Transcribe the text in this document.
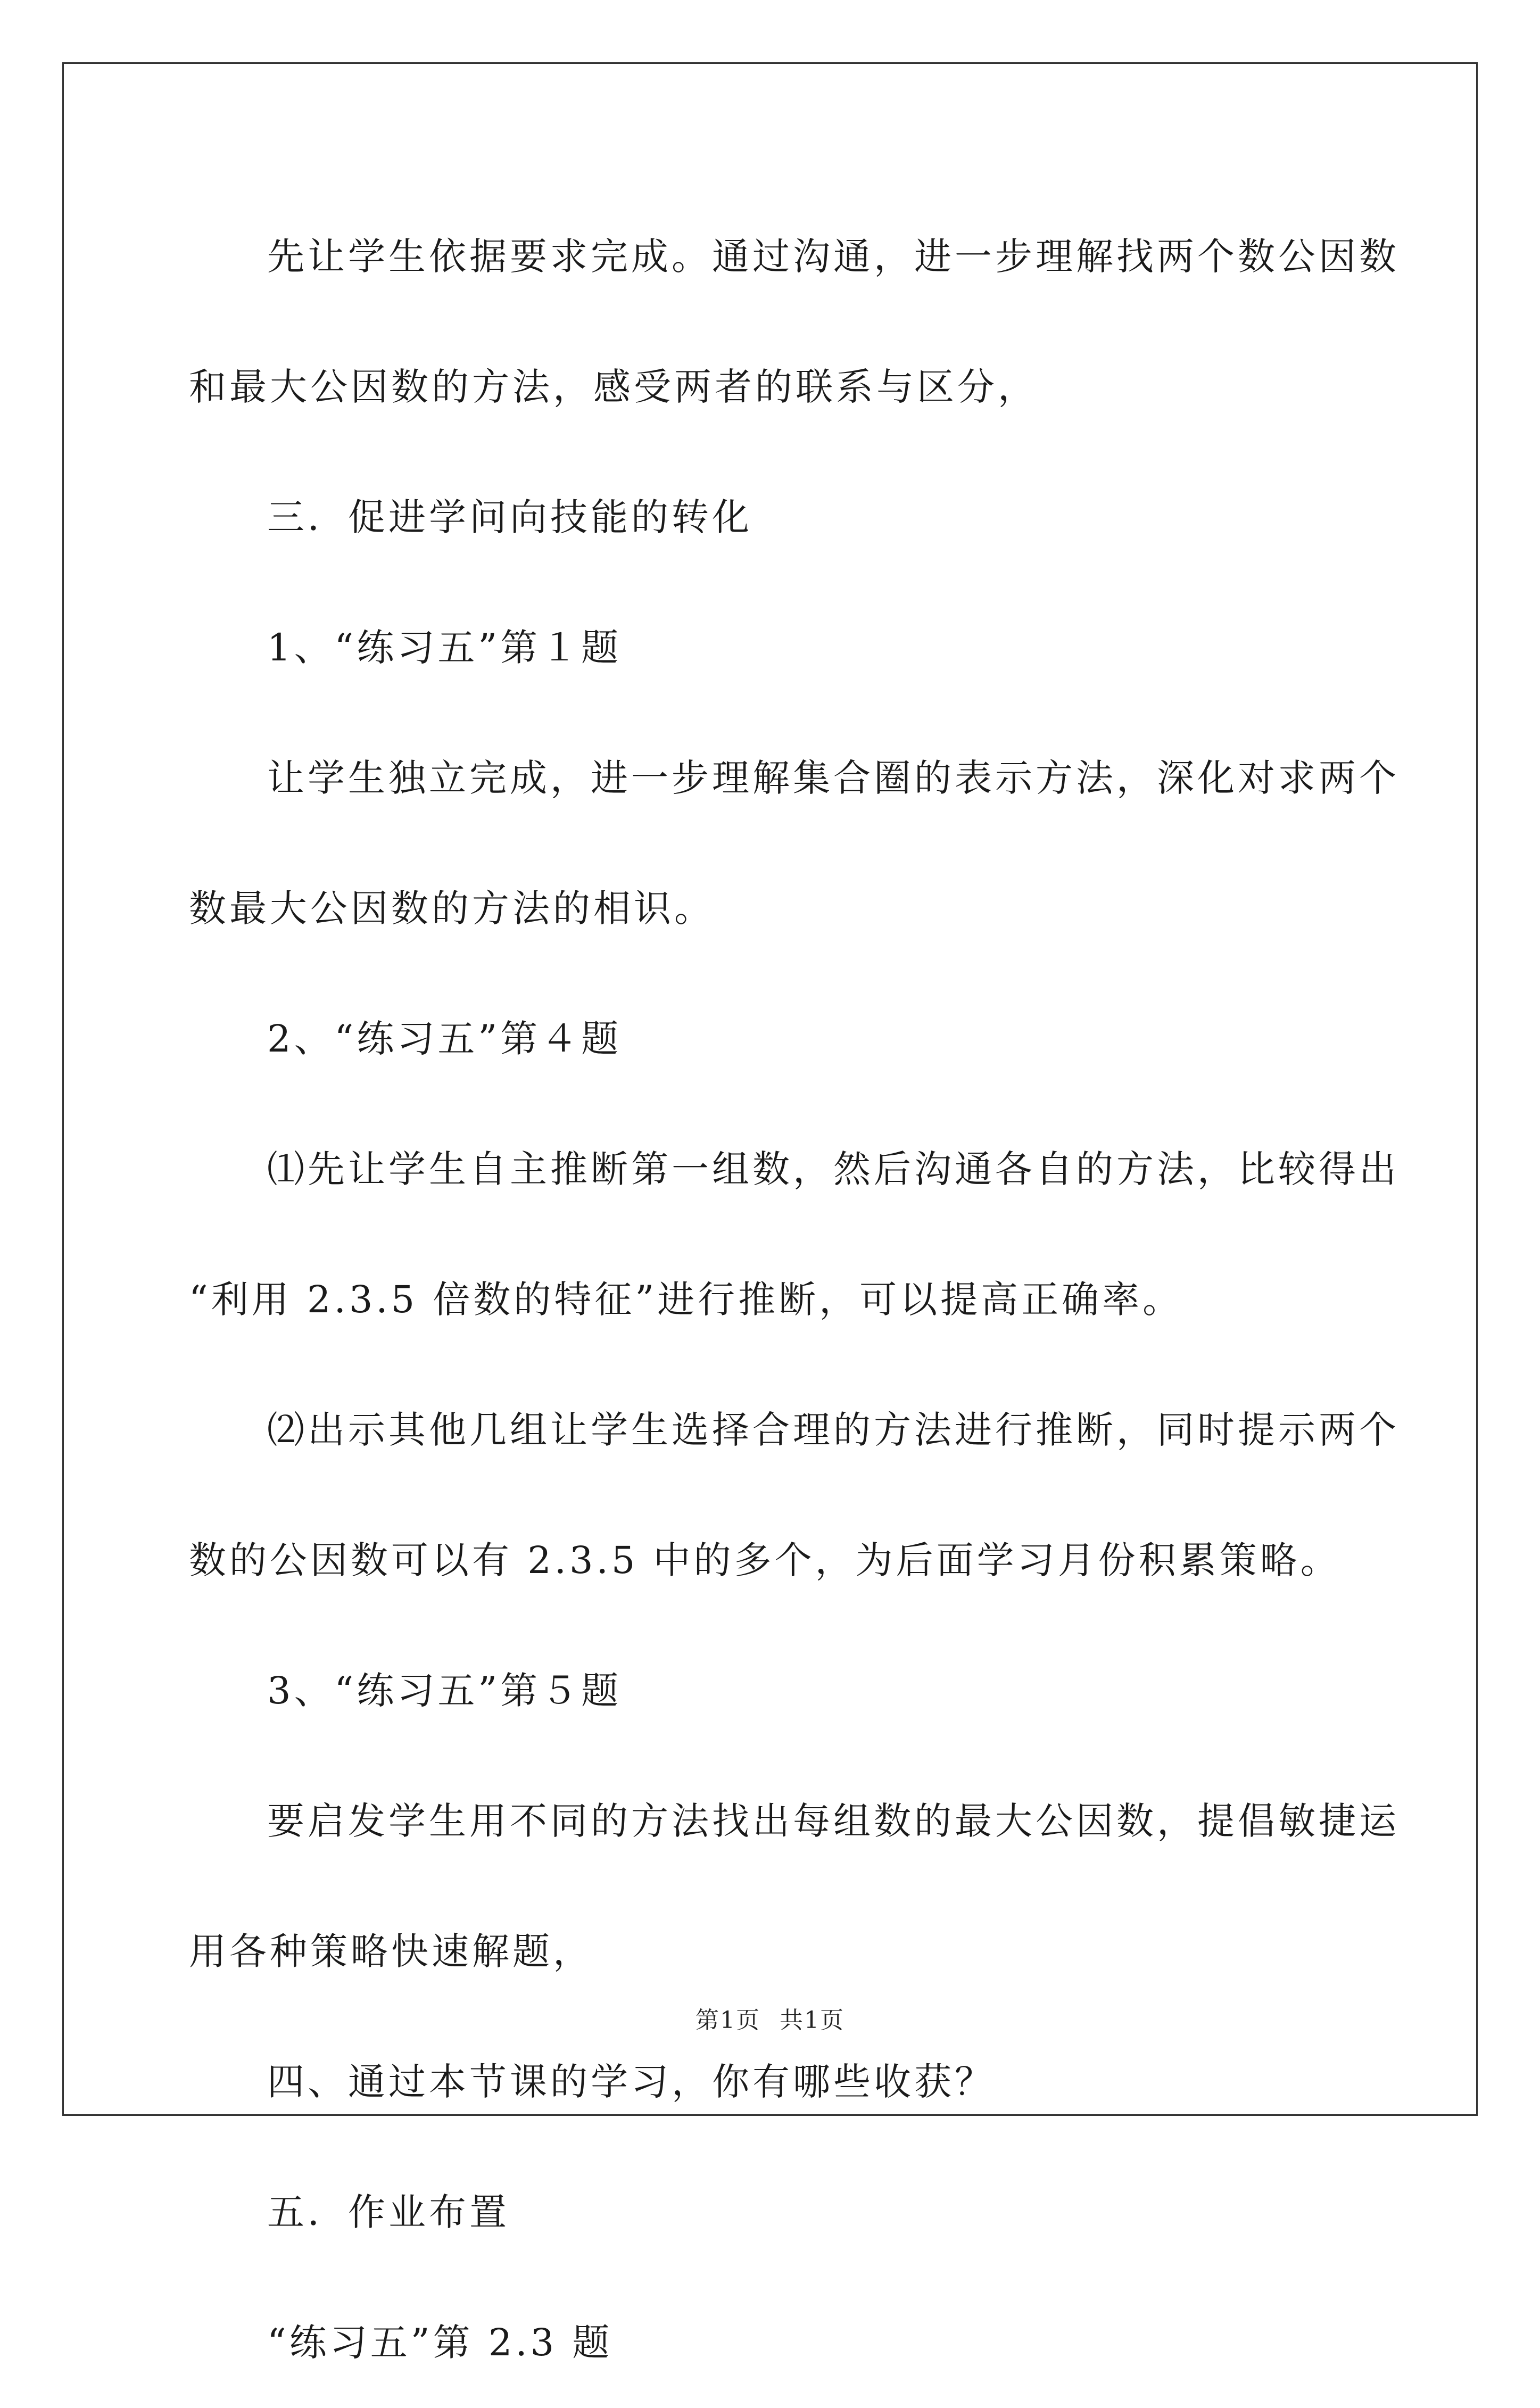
先让学生依据要求完成。通过沟通，进一步理解找两个数公因数

和最大公因数的方法，感受两者的联系与区分，

三．促进学问向技能的转化

1、“练习五”第１题

让学生独立完成，进一步理解集合圈的表示方法，深化对求两个

数最大公因数的方法的相识。

2、“练习五”第４题

⑴先让学生自主推断第一组数，然后沟通各自的方法，比较得出

“利用 2.3.5 倍数的特征”进行推断，可以提高正确率。

⑵出示其他几组让学生选择合理的方法进行推断，同时提示两个

数的公因数可以有 2.3.5 中的多个，为后面学习月份积累策略。

3、“练习五”第５题

要启发学生用不同的方法找出每组数的最大公因数，提倡敏捷运

用各种策略快速解题，

四、通过本节课的学习，你有哪些收获？

五．作业布置

“练习五”第 2.3 题

第1页 共1页
